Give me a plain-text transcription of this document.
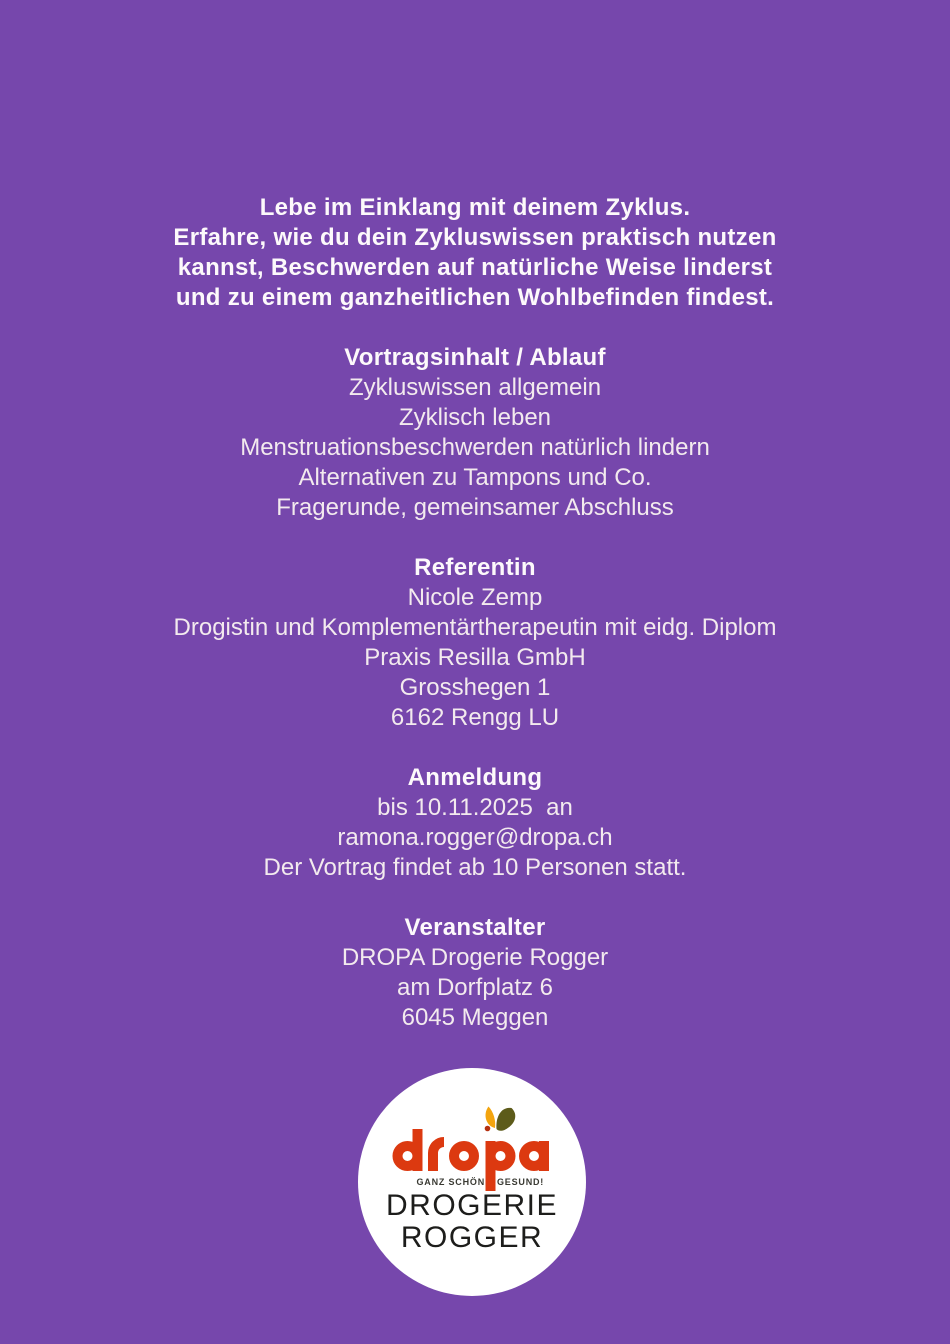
Lebe im Einklang mit deinem Zyklus.
Erfahre, wie du dein Zykluswissen praktisch nutzen
kannst, Beschwerden auf natürliche Weise linderst
und zu einem ganzheitlichen Wohlbefinden findest.
Vortragsinhalt / Ablauf
Zykluswissen allgemein
Zyklisch leben
Menstruationsbeschwerden natürlich lindern
Alternativen zu Tampons und Co.
Fragerunde, gemeinsamer Abschluss
Referentin
Nicole Zemp
Drogistin und Komplementärtherapeutin mit eidg. Diplom
Praxis Resilla GmbH
Grosshegen 1
6162 Rengg LU
Anmeldung
bis 10.11.2025  an
ramona.rogger@dropa.ch
Der Vortrag findet ab 10 Personen statt.
Veranstalter
DROPA Drogerie Rogger
am Dorfplatz 6
6045 Meggen
GANZ SCHÖN GESUND!
DROGERIE
ROGGER
